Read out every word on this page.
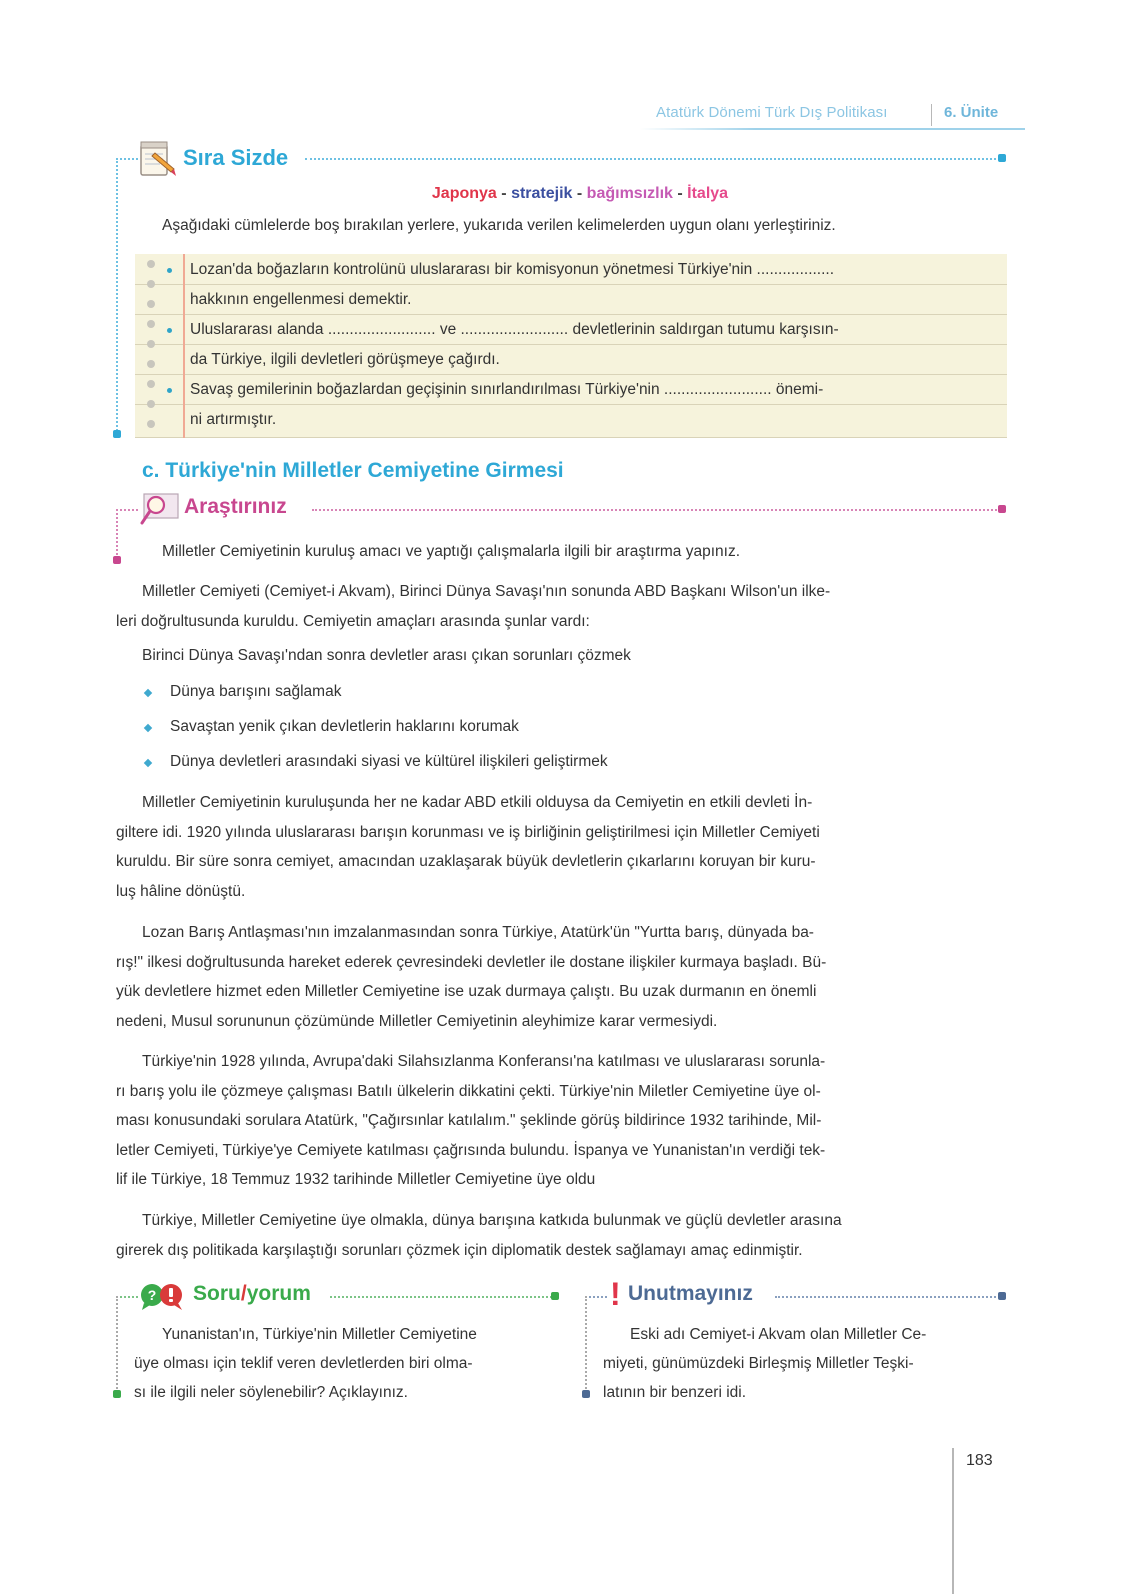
Atatürk Dönemi Türk Dış Politikası	6. Ünite
Sıra Sizde
Japonya - stratejik - bağımsızlık - İtalya
Aşağıdaki cümlelerde boş bırakılan yerlere, yukarıda verilen kelimelerden uygun olanı yerleştiriniz.
Lozan'da boğazların kontrolünü uluslararası bir komisyonun yönetmesi Türkiye'nin ..................
hakkının engellenmesi demektir.
Uluslararası alanda ......................... ve ......................... devletlerinin saldırgan tutumu karşısın-
da Türkiye, ilgili devletleri görüşmeye çağırdı.
Savaş gemilerinin boğazlardan geçişinin sınırlandırılması Türkiye'nin ......................... önemi-
ni artırmıştır.
c. Türkiye'nin Milletler Cemiyetine Girmesi
Araştırınız
Milletler Cemiyetinin kuruluş amacı ve yaptığı çalışmalarla ilgili bir araştırma yapınız.
Milletler Cemiyeti (Cemiyet-i Akvam), Birinci Dünya Savaşı'nın sonunda ABD Başkanı Wilson'un ilke-
leri doğrultusunda kuruldu. Cemiyetin amaçları arasında şunlar vardı:
Birinci Dünya Savaşı'ndan sonra devletler arası çıkan sorunları çözmek
Dünya barışını sağlamak
Savaştan yenik çıkan devletlerin haklarını korumak
Dünya devletleri arasındaki siyasi ve kültürel ilişkileri geliştirmek
Milletler Cemiyetinin kuruluşunda her ne kadar ABD etkili olduysa da Cemiyetin en etkili devleti İn-
giltere idi. 1920 yılında uluslararası barışın korunması ve iş birliğinin geliştirilmesi için Milletler Cemiyeti
kuruldu. Bir süre sonra cemiyet, amacından uzaklaşarak büyük devletlerin çıkarlarını koruyan bir kuru-
luş hâline dönüştü.
Lozan Barış Antlaşması'nın imzalanmasından sonra Türkiye, Atatürk'ün "Yurtta barış, dünyada ba-
rış!" ilkesi doğrultusunda hareket ederek çevresindeki devletler ile dostane ilişkiler kurmaya başladı. Bü-
yük devletlere hizmet eden Milletler Cemiyetine ise uzak durmaya çalıştı. Bu uzak durmanın en önemli
nedeni, Musul sorununun çözümünde Milletler Cemiyetinin aleyhimize karar vermesiydi.
Türkiye'nin 1928 yılında, Avrupa'daki Silahsızlanma Konferansı'na katılması ve uluslararası sorunla-
rı barış yolu ile çözmeye çalışması Batılı ülkelerin dikkatini çekti. Türkiye'nin Miletler Cemiyetine üye ol-
ması konusundaki sorulara Atatürk, "Çağırsınlar katılalım." şeklinde görüş bildirince 1932 tarihinde, Mil-
letler Cemiyeti, Türkiye'ye Cemiyete katılması çağrısında bulundu. İspanya ve Yunanistan'ın verdiği tek-
lif ile Türkiye, 18 Temmuz 1932 tarihinde Milletler Cemiyetine üye oldu
Türkiye, Milletler Cemiyetine üye olmakla, dünya barışına katkıda bulunmak ve güçlü devletler arasına
girerek dış politikada karşılaştığı sorunları çözmek için diplomatik destek sağlamayı amaç edinmiştir.
? Soru/yorum
Yunanistan'ın, Türkiye'nin Milletler Cemiyetine
üye olması için teklif veren devletlerden biri olma-
sı ile ilgili neler söylenebilir? Açıklayınız.
! Unutmayınız
Eski adı Cemiyet-i Akvam olan Milletler Ce-
miyeti, günümüzdeki Birleşmiş Milletler Teşki-
latının bir benzeri idi.
183
